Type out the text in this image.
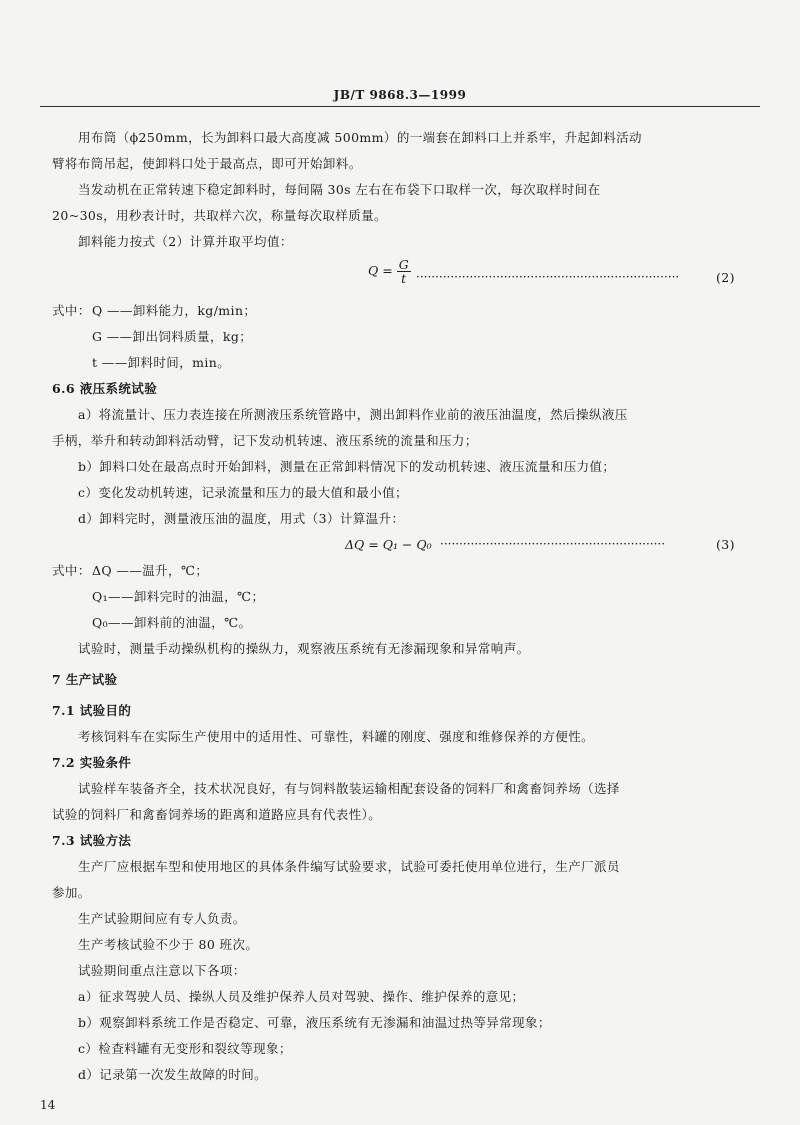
JB/T 9868.3—1999
用布筒（ϕ250mm，长为卸料口最大高度减 500mm）的一端套在卸料口上并系牢，升起卸料活动
臂将布筒吊起，使卸料口处于最高点，即可开始卸料。
当发动机在正常转速下稳定卸料时，每间隔 30s 左右在布袋下口取样一次，每次取样时间在
20~30s，用秒表计时，共取样六次，称量每次取样质量。
卸料能力按式（2）计算并取平均值：
$Q = \frac{G}{t}$ ·····································································	(2)
式中： Q ——卸料能力，kg/min；
G ——卸出饲料质量，kg；
t ——卸料时间，min。
6.6 液压系统试验
a）将流量计、压力表连接在所测液压系统管路中，测出卸料作业前的液压油温度，然后操纵液压
手柄，举升和转动卸料活动臂，记下发动机转速、液压系统的流量和压力；
b）卸料口处在最高点时开始卸料，测量在正常卸料情况下的发动机转速、液压流量和压力值；
c）变化发动机转速，记录流量和压力的最大值和最小值；
d）卸料完时，测量液压油的温度，用式（3）计算温升：
ΔQ = Q₁ − Q₀ ···························································	(3)
式中： ΔQ ——温升，℃；
Q₁——卸料完时的油温，℃；
Q₀——卸料前的油温，℃。
试验时，测量手动操纵机构的操纵力，观察液压系统有无渗漏现象和异常响声。
7 生产试验
7.1 试验目的
考核饲料车在实际生产使用中的适用性、可靠性，料罐的刚度、强度和维修保养的方便性。
7.2 实验条件
试验样车装备齐全，技术状况良好，有与饲料散装运输相配套设备的饲料厂和禽畜饲养场（选择
试验的饲料厂和禽畜饲养场的距离和道路应具有代表性）。
7.3 试验方法
生产厂应根据车型和使用地区的具体条件编写试验要求，试验可委托使用单位进行，生产厂派员
参加。
生产试验期间应有专人负责。
生产考核试验不少于 80 班次。
试验期间重点注意以下各项：
a）征求驾驶人员、操纵人员及维护保养人员对驾驶、操作、维护保养的意见；
b）观察卸料系统工作是否稳定、可靠，液压系统有无渗漏和油温过热等异常现象；
c）检查料罐有无变形和裂纹等现象；
d）记录第一次发生故障的时间。
14
